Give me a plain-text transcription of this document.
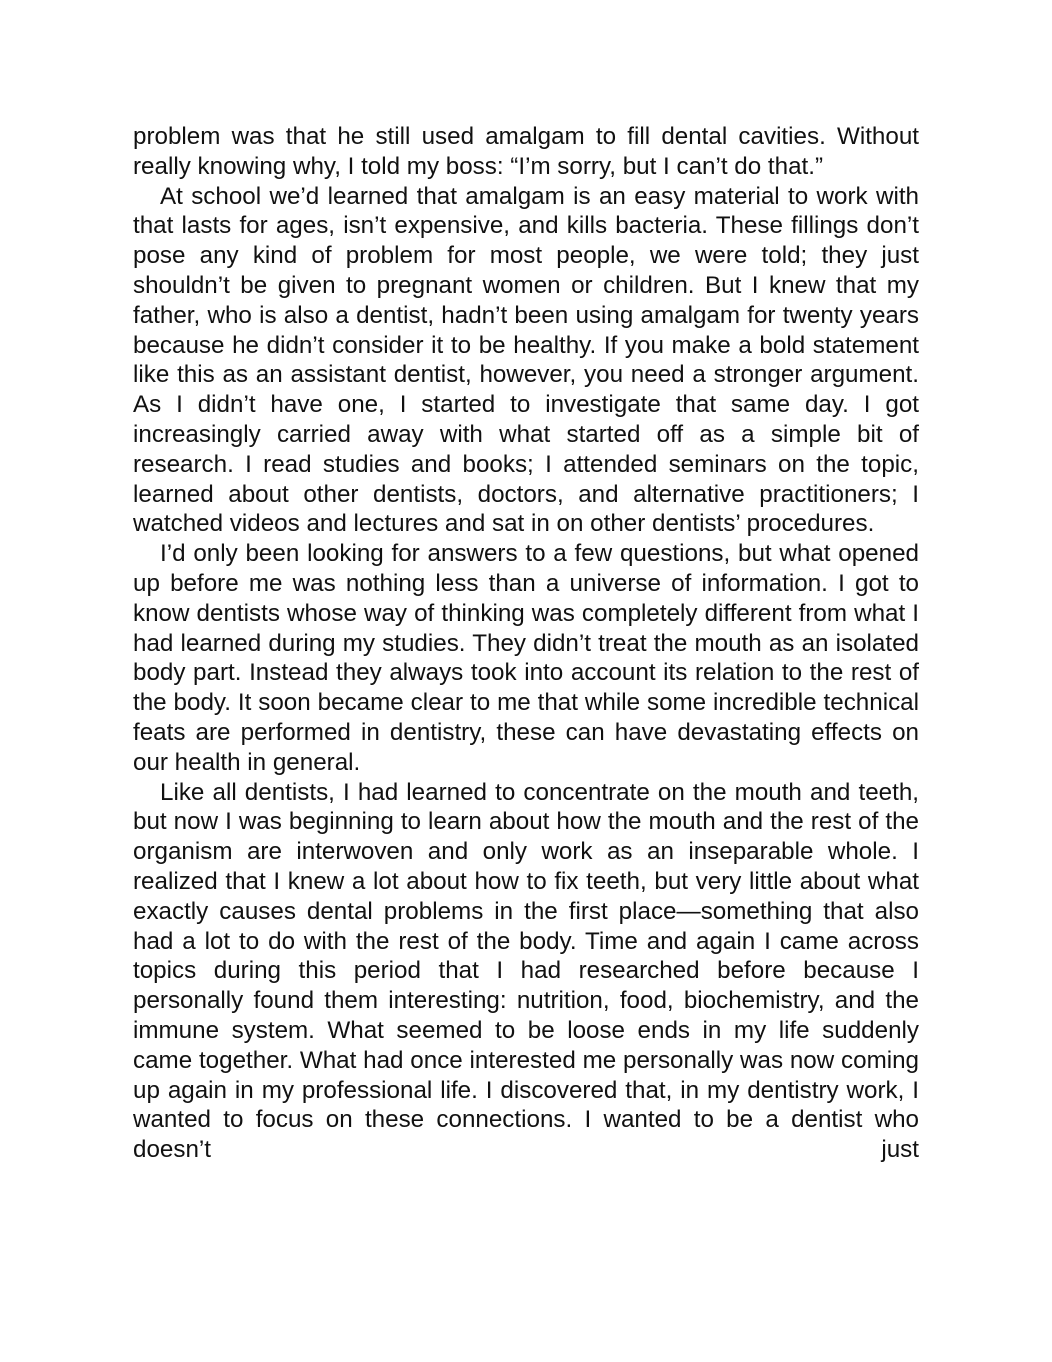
problem was that he still used amalgam to fill dental cavities. Without really knowing why, I told my boss: “I’m sorry, but I can’t do that.”

At school we’d learned that amalgam is an easy material to work with that lasts for ages, isn’t expensive, and kills bacteria. These fillings don’t pose any kind of problem for most people, we were told; they just shouldn’t be given to pregnant women or children. But I knew that my father, who is also a dentist, hadn’t been using amalgam for twenty years because he didn’t consider it to be healthy. If you make a bold statement like this as an assistant dentist, however, you need a stronger argument. As I didn’t have one, I started to investigate that same day. I got increasingly carried away with what started off as a simple bit of research. I read studies and books; I attended seminars on the topic, learned about other dentists, doctors, and alternative practitioners; I watched videos and lectures and sat in on other dentists’ procedures.

I’d only been looking for answers to a few questions, but what opened up before me was nothing less than a universe of information. I got to know dentists whose way of thinking was completely different from what I had learned during my studies. They didn’t treat the mouth as an isolated body part. Instead they always took into account its relation to the rest of the body. It soon became clear to me that while some incredible technical feats are performed in dentistry, these can have devastating effects on our health in general.

Like all dentists, I had learned to concentrate on the mouth and teeth, but now I was beginning to learn about how the mouth and the rest of the organism are interwoven and only work as an inseparable whole. I realized that I knew a lot about how to fix teeth, but very little about what exactly causes dental problems in the first place—something that also had a lot to do with the rest of the body. Time and again I came across topics during this period that I had researched before because I personally found them interesting: nutrition, food, biochemistry, and the immune system. What seemed to be loose ends in my life suddenly came together. What had once interested me personally was now coming up again in my professional life. I discovered that, in my dentistry work, I wanted to focus on these connections. I wanted to be a dentist who doesn’t just
